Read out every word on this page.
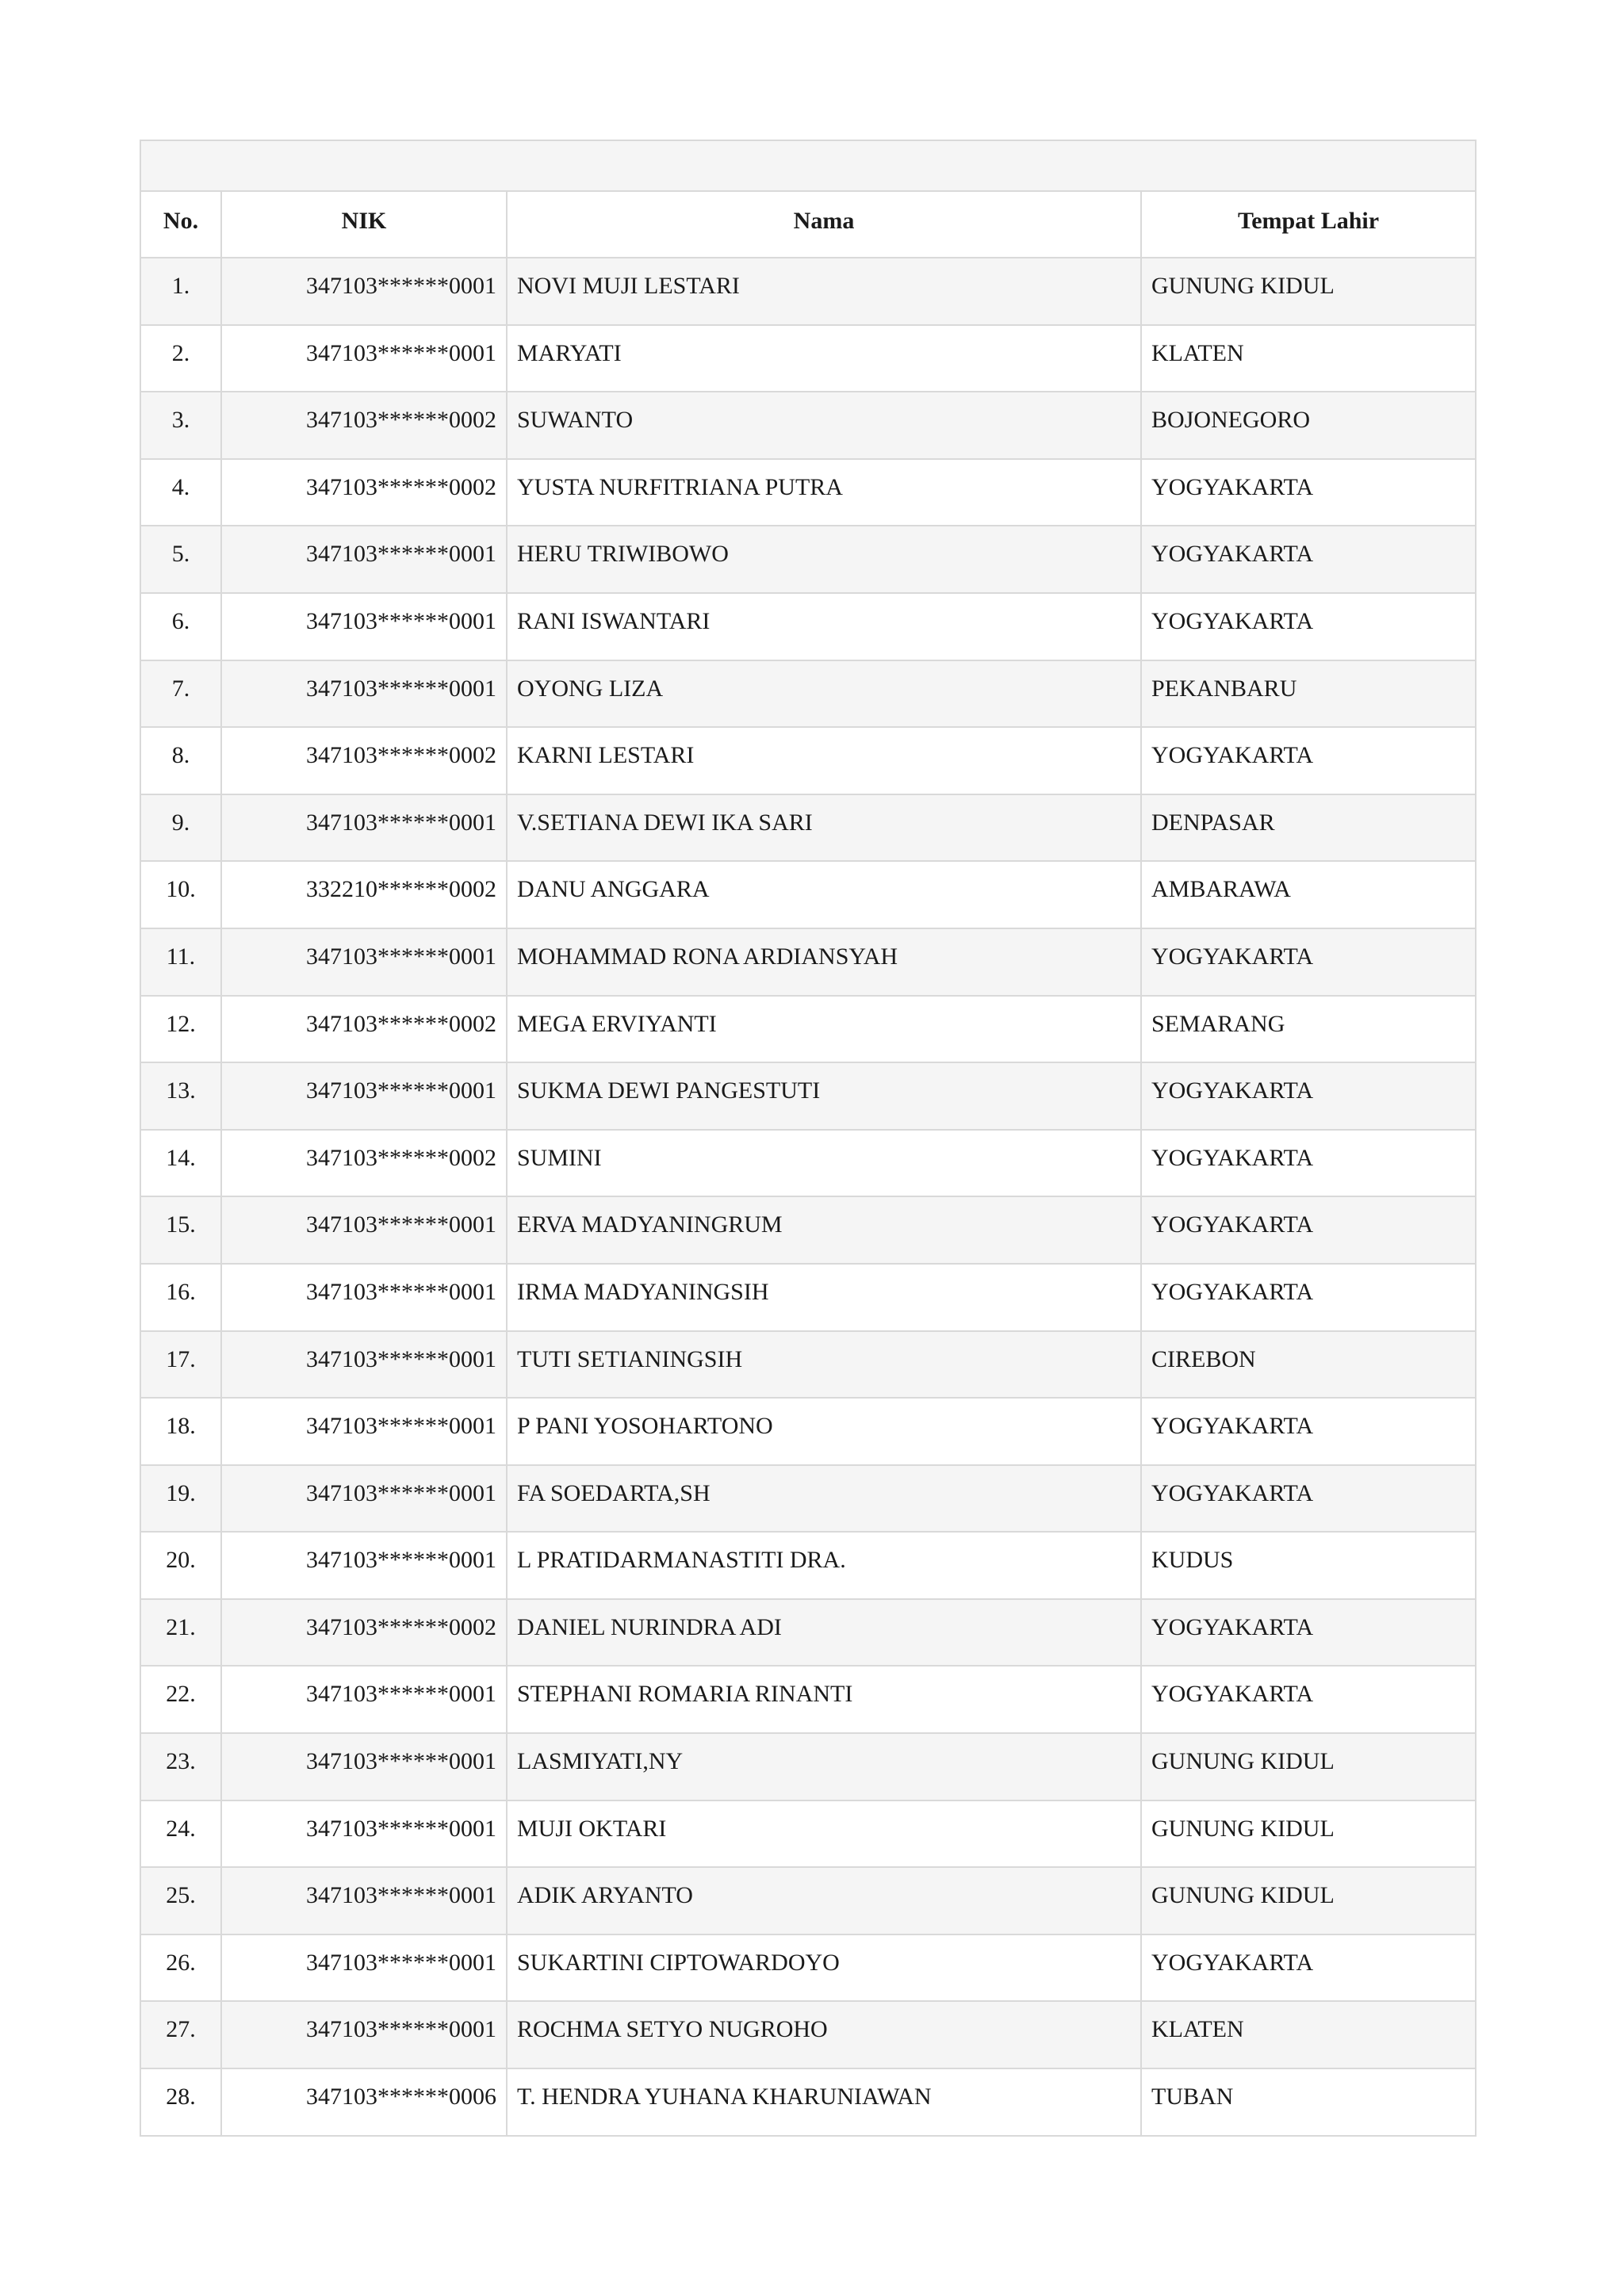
No.	NIK	Nama	Tempat Lahir
1.	347103******0001	NOVI MUJI LESTARI	GUNUNG KIDUL
2.	347103******0001	MARYATI	KLATEN
3.	347103******0002	SUWANTO	BOJONEGORO
4.	347103******0002	YUSTA NURFITRIANA PUTRA	YOGYAKARTA
5.	347103******0001	HERU TRIWIBOWO	YOGYAKARTA
6.	347103******0001	RANI ISWANTARI	YOGYAKARTA
7.	347103******0001	OYONG LIZA	PEKANBARU
8.	347103******0002	KARNI LESTARI	YOGYAKARTA
9.	347103******0001	V.SETIANA DEWI IKA SARI	DENPASAR
10.	332210******0002	DANU ANGGARA	AMBARAWA
11.	347103******0001	MOHAMMAD RONA ARDIANSYAH	YOGYAKARTA
12.	347103******0002	MEGA ERVIYANTI	SEMARANG
13.	347103******0001	SUKMA DEWI PANGESTUTI	YOGYAKARTA
14.	347103******0002	SUMINI	YOGYAKARTA
15.	347103******0001	ERVA MADYANINGRUM	YOGYAKARTA
16.	347103******0001	IRMA MADYANINGSIH	YOGYAKARTA
17.	347103******0001	TUTI SETIANINGSIH	CIREBON
18.	347103******0001	P PANI YOSOHARTONO	YOGYAKARTA
19.	347103******0001	FA SOEDARTA,SH	YOGYAKARTA
20.	347103******0001	L PRATIDARMANASTITI DRA.	KUDUS
21.	347103******0002	DANIEL NURINDRA ADI	YOGYAKARTA
22.	347103******0001	STEPHANI ROMARIA RINANTI	YOGYAKARTA
23.	347103******0001	LASMIYATI,NY	GUNUNG KIDUL
24.	347103******0001	MUJI OKTARI	GUNUNG KIDUL
25.	347103******0001	ADIK ARYANTO	GUNUNG KIDUL
26.	347103******0001	SUKARTINI CIPTOWARDOYO	YOGYAKARTA
27.	347103******0001	ROCHMA SETYO NUGROHO	KLATEN
28.	347103******0006	T. HENDRA YUHANA KHARUNIAWAN	TUBAN
